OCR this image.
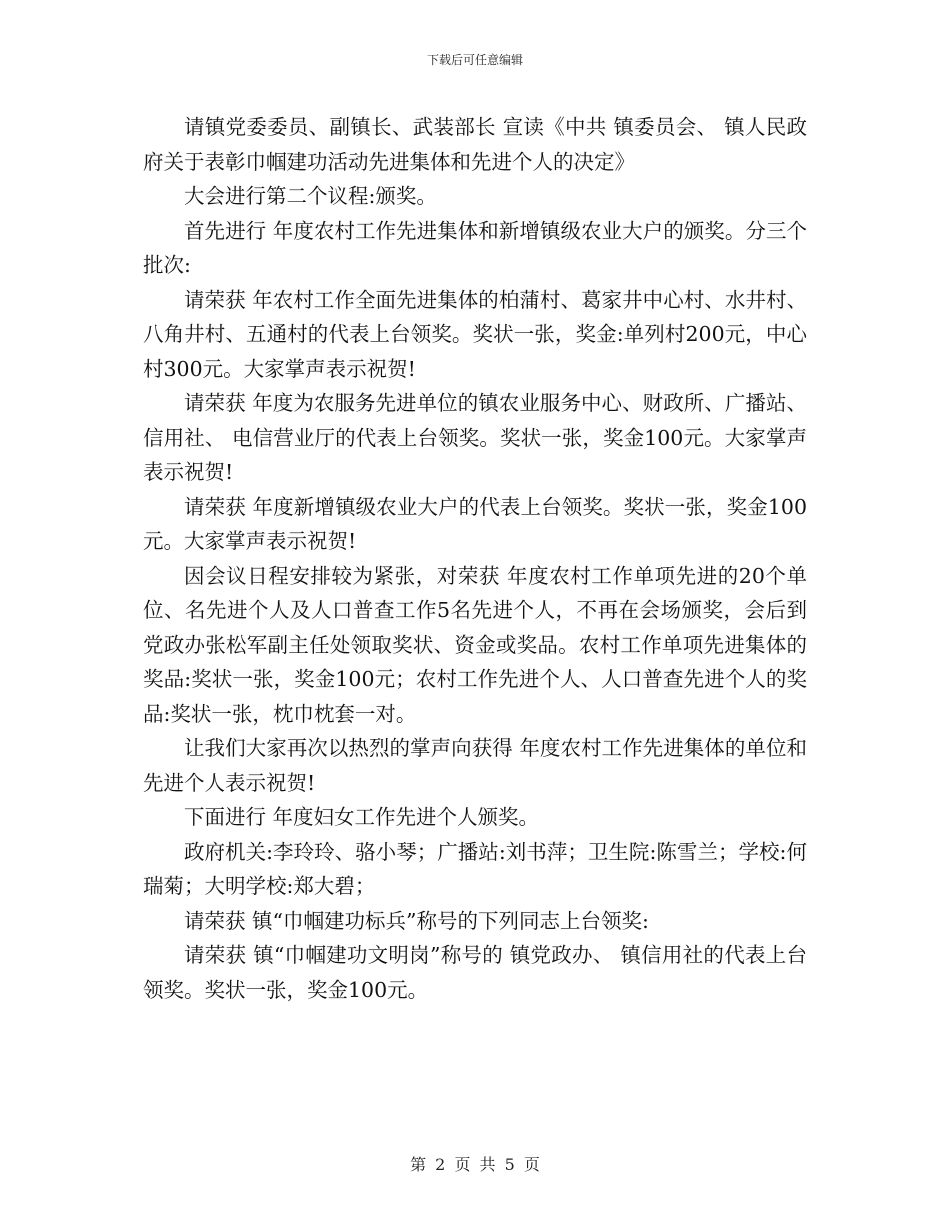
下载后可任意编辑

请镇党委委员、副镇长、武装部长 宣读《中共 镇委员会、 镇人民政府关于表彰巾帼建功活动先进集体和先进个人的决定》

大会进行第二个议程:颁奖。

首先进行 年度农村工作先进集体和新增镇级农业大户的颁奖。分三个批次:

请荣获 年农村工作全面先进集体的柏蒲村、葛家井中心村、水井村、八角井村、五通村的代表上台领奖。奖状一张，奖金:单列村200元，中心村300元。大家掌声表示祝贺!

请荣获 年度为农服务先进单位的镇农业服务中心、财政所、广播站、 信用社、 电信营业厅的代表上台领奖。奖状一张，奖金100元。大家掌声表示祝贺!

请荣获 年度新增镇级农业大户的代表上台领奖。奖状一张，奖金100元。大家掌声表示祝贺!

因会议日程安排较为紧张，对荣获 年度农村工作单项先进的20个单位、名先进个人及人口普查工作5名先进个人，不再在会场颁奖，会后到党政办张松军副主任处领取奖状、资金或奖品。农村工作单项先进集体的奖品:奖状一张，奖金100元；农村工作先进个人、人口普查先进个人的奖品:奖状一张，枕巾枕套一对。

让我们大家再次以热烈的掌声向获得 年度农村工作先进集体的单位和先进个人表示祝贺!

下面进行 年度妇女工作先进个人颁奖。

政府机关:李玲玲、骆小琴；广播站:刘书萍；卫生院:陈雪兰；学校:何瑞菊；大明学校:郑大碧；

请荣获 镇“巾帼建功标兵”称号的下列同志上台领奖:

请荣获 镇“巾帼建功文明岗”称号的 镇党政办、 镇信用社的代表上台领奖。奖状一张，奖金100元。

第 2 页 共 5 页
